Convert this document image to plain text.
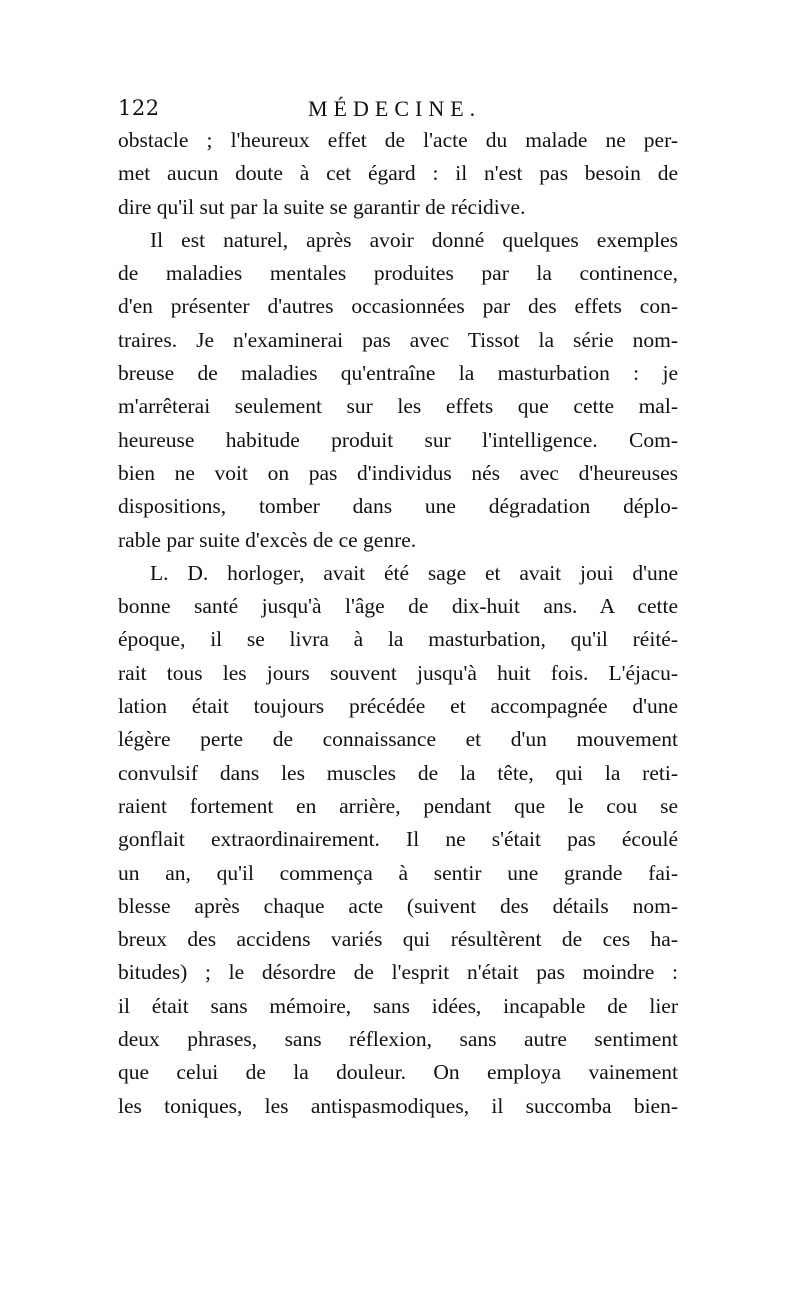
122	MÉDECINE.
obstacle ; l'heureux effet de l'acte du malade ne per-
met aucun doute à cet égard : il n'est pas besoin de
dire qu'il sut par la suite se garantir de récidive.
Il est naturel, après avoir donné quelques exemples
de maladies mentales produites par la continence,
d'en présenter d'autres occasionnées par des effets con-
traires. Je n'examinerai pas avec Tissot la série nom-
breuse de maladies qu'entraîne la masturbation : je
m'arrêterai seulement sur les effets que cette mal-
heureuse habitude produit sur l'intelligence. Com-
bien ne voit on pas d'individus nés avec d'heureuses
dispositions, tomber dans une dégradation déplo-
rable par suite d'excès de ce genre.
L. D. horloger, avait été sage et avait joui d'une
bonne santé jusqu'à l'âge de dix-huit ans. A cette
époque, il se livra à la masturbation, qu'il réité-
rait tous les jours souvent jusqu'à huit fois. L'éjacu-
lation était toujours précédée et accompagnée d'une
légère perte de connaissance et d'un mouvement
convulsif dans les muscles de la tête, qui la reti-
raient fortement en arrière, pendant que le cou se
gonflait extraordinairement. Il ne s'était pas écoulé
un an, qu'il commença à sentir une grande fai-
blesse après chaque acte (suivent des détails nom-
breux des accidens variés qui résultèrent de ces ha-
bitudes) ; le désordre de l'esprit n'était pas moindre :
il était sans mémoire, sans idées, incapable de lier
deux phrases, sans réflexion, sans autre sentiment
que celui de la douleur. On employa vainement
les toniques, les antispasmodiques, il succomba bien-
